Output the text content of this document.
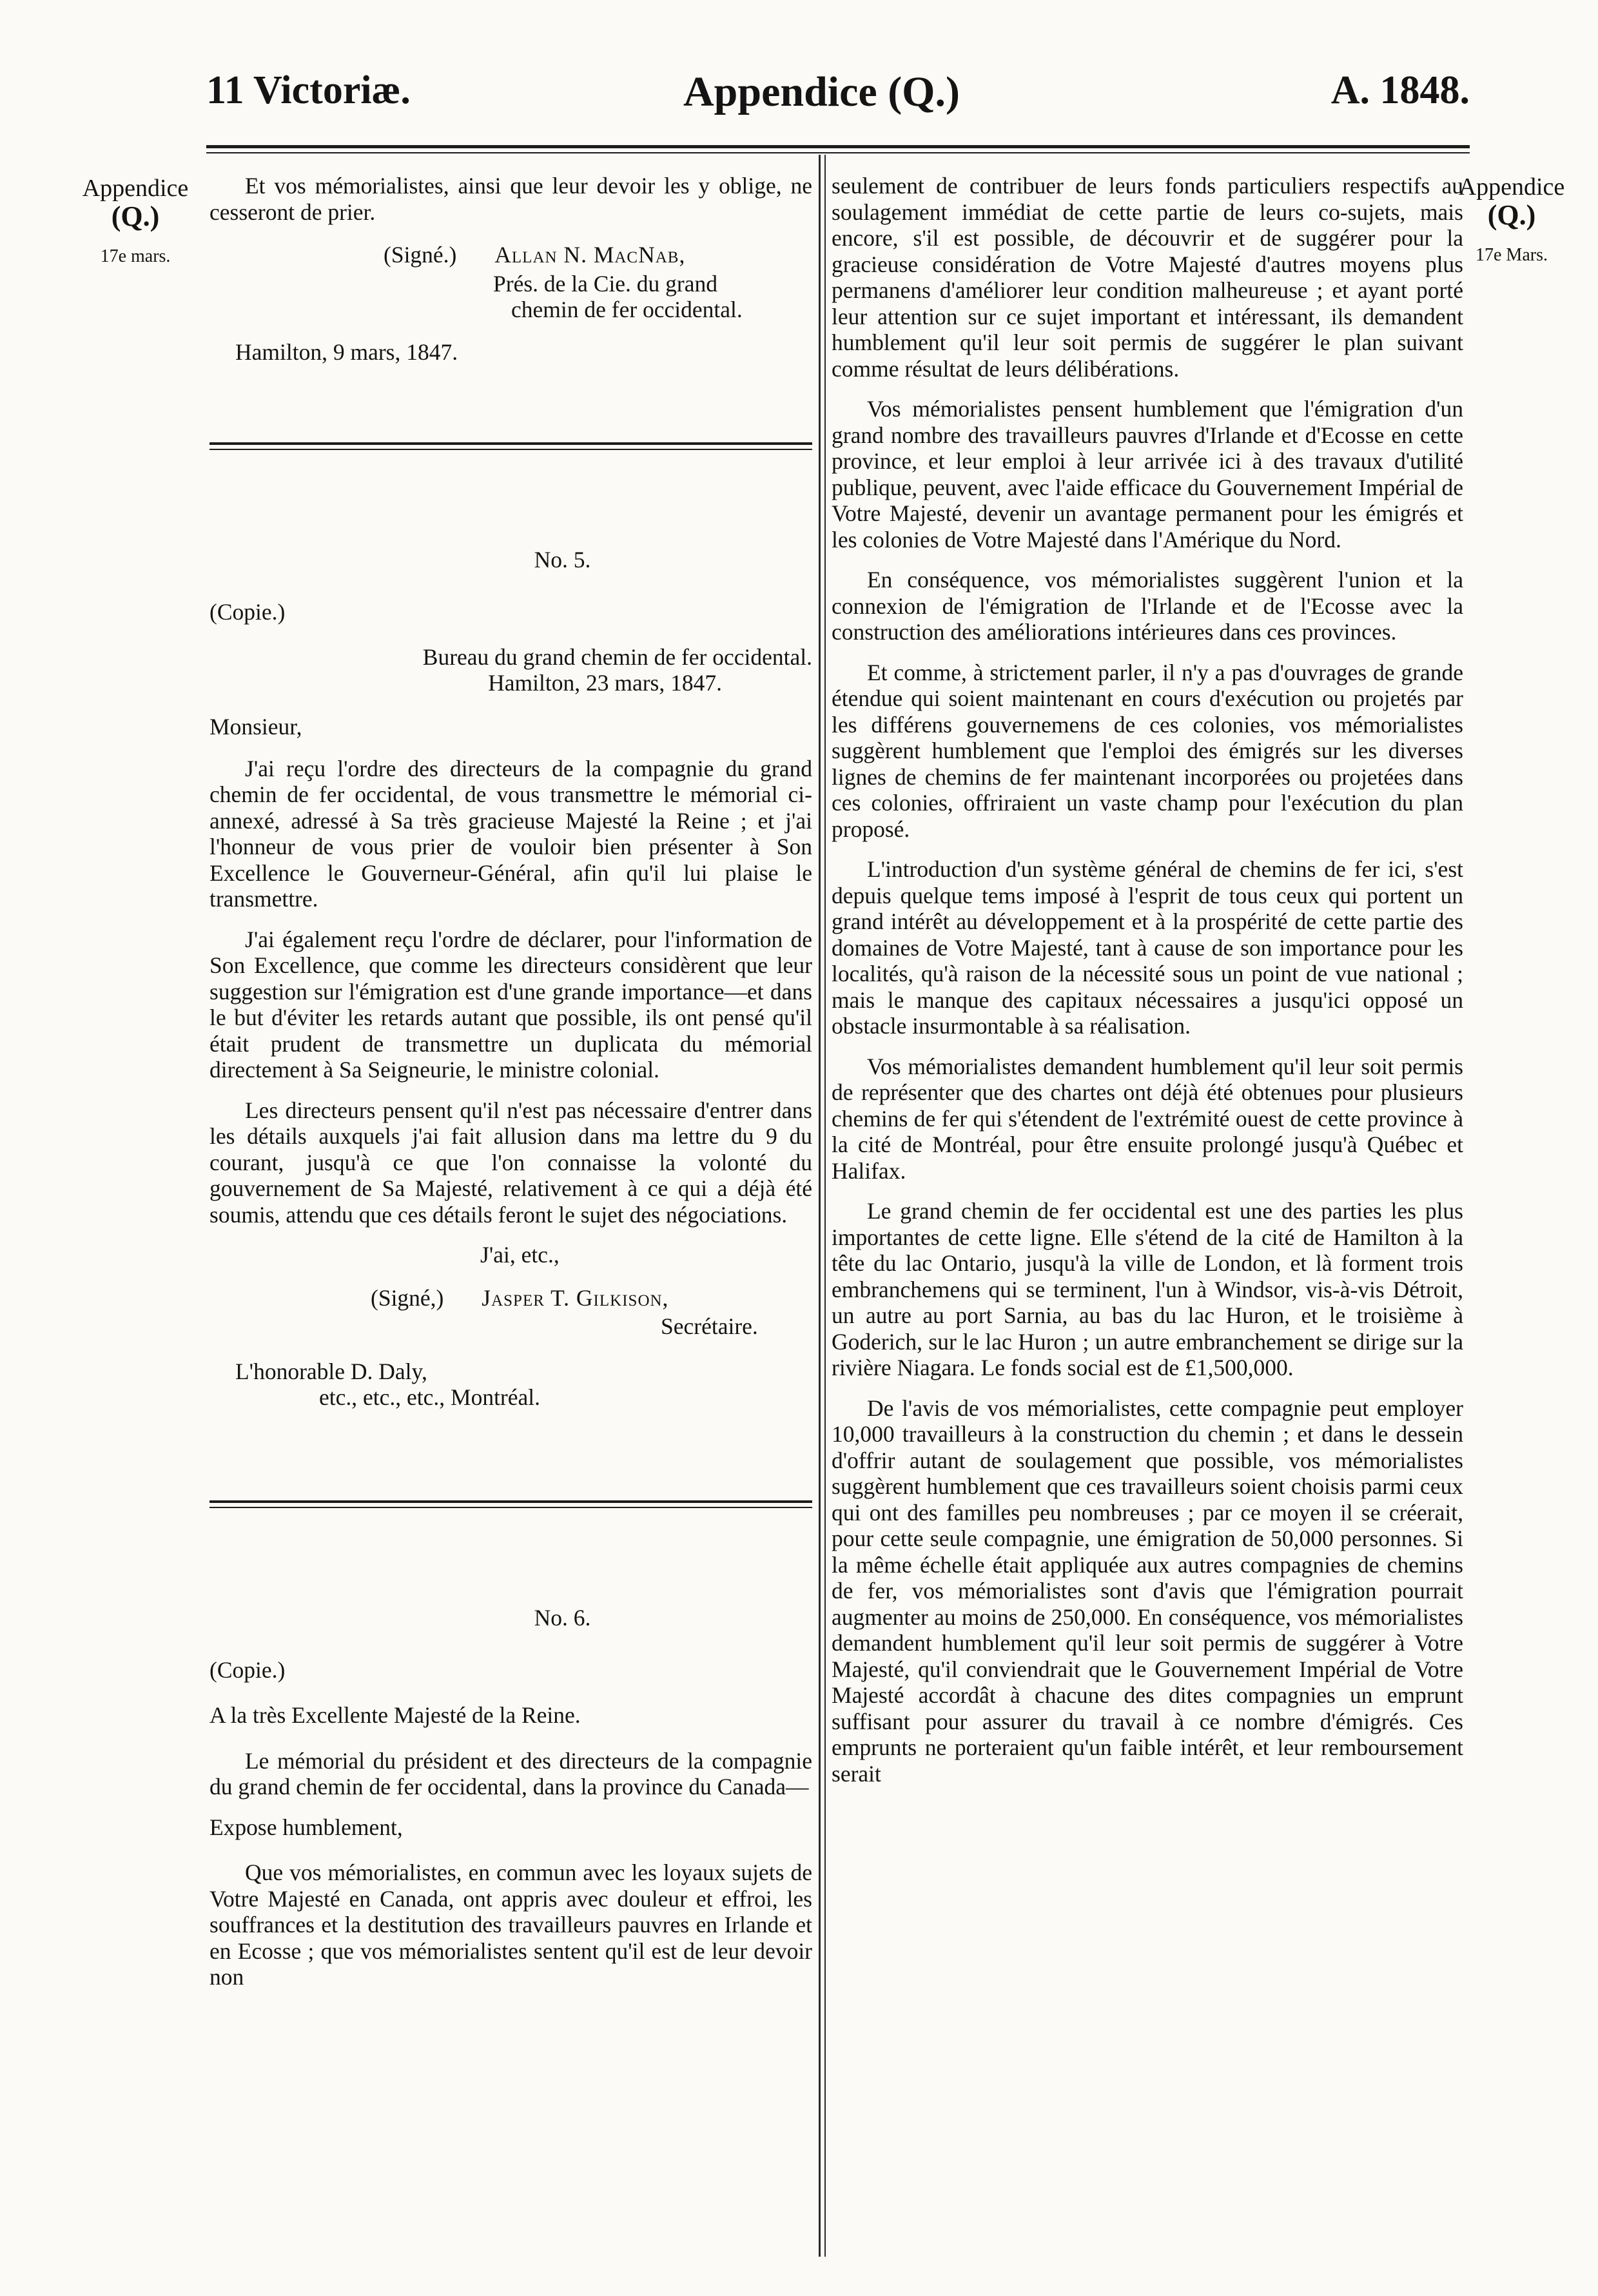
11 Victoriæ.	Appendice (Q.)	A. 1848.
Appendice
(Q.)
17e mars.
Appendice
(Q.)
17e Mars.

Et vos mémorialistes, ainsi que leur devoir les y oblige, ne cesseront de prier.

(Signé.) Allan N. MacNab,
Prés. de la Cie. du grand
chemin de fer occidental.
Hamilton, 9 mars, 1847.
No. 5.
(Copie.)
Bureau du grand chemin de fer occidental.
Hamilton, 23 mars, 1847.
Monsieur,

J'ai reçu l'ordre des directeurs de la compagnie du grand chemin de fer occidental, de vous transmettre le mémorial ci-annexé, adressé à Sa très gracieuse Majesté la Reine ; et j'ai l'honneur de vous prier de vouloir bien présenter à Son Excellence le Gouverneur-Général, afin qu'il lui plaise le transmettre.

J'ai également reçu l'ordre de déclarer, pour l'information de Son Excellence, que comme les directeurs considèrent que leur suggestion sur l'émigration est d'une grande importance—et dans le but d'éviter les retards autant que possible, ils ont pensé qu'il était prudent de transmettre un duplicata du mémorial directement à Sa Seigneurie, le ministre colonial.

Les directeurs pensent qu'il n'est pas nécessaire d'entrer dans les détails auxquels j'ai fait allusion dans ma lettre du 9 du courant, jusqu'à ce que l'on connaisse la volonté du gouvernement de Sa Majesté, relativement à ce qui a déjà été soumis, attendu que ces détails feront le sujet des négociations.

J'ai, etc.,
(Signé,) Jasper T. Gilkison,
Secrétaire.
L'honorable D. Daly,
etc., etc., etc., Montréal.
No. 6.
(Copie.)
A la très Excellente Majesté de la Reine.

Le mémorial du président et des directeurs de la compagnie du grand chemin de fer occidental, dans la province du Canada—

Expose humblement,

Que vos mémorialistes, en commun avec les loyaux sujets de Votre Majesté en Canada, ont appris avec douleur et effroi, les souffrances et la destitution des travailleurs pauvres en Irlande et en Ecosse ; que vos mémorialistes sentent qu'il est de leur devoir non

seulement de contribuer de leurs fonds particuliers respectifs au soulagement immédiat de cette partie de leurs co-sujets, mais encore, s'il est possible, de découvrir et de suggérer pour la gracieuse considération de Votre Majesté d'autres moyens plus permanens d'améliorer leur condition malheureuse ; et ayant porté leur attention sur ce sujet important et intéressant, ils demandent humblement qu'il leur soit permis de suggérer le plan suivant comme résultat de leurs délibérations.

Vos mémorialistes pensent humblement que l'émigration d'un grand nombre des travailleurs pauvres d'Irlande et d'Ecosse en cette province, et leur emploi à leur arrivée ici à des travaux d'utilité publique, peuvent, avec l'aide efficace du Gouvernement Impérial de Votre Majesté, devenir un avantage permanent pour les émigrés et les colonies de Votre Majesté dans l'Amérique du Nord.

En conséquence, vos mémorialistes suggèrent l'union et la connexion de l'émigration de l'Irlande et de l'Ecosse avec la construction des améliorations intérieures dans ces provinces.

Et comme, à strictement parler, il n'y a pas d'ouvrages de grande étendue qui soient maintenant en cours d'exécution ou projetés par les différens gouvernemens de ces colonies, vos mémorialistes suggèrent humblement que l'emploi des émigrés sur les diverses lignes de chemins de fer maintenant incorporées ou projetées dans ces colonies, offriraient un vaste champ pour l'exécution du plan proposé.

L'introduction d'un système général de chemins de fer ici, s'est depuis quelque tems imposé à l'esprit de tous ceux qui portent un grand intérêt au développement et à la prospérité de cette partie des domaines de Votre Majesté, tant à cause de son importance pour les localités, qu'à raison de la nécessité sous un point de vue national ; mais le manque des capitaux nécessaires a jusqu'ici opposé un obstacle insurmontable à sa réalisation.

Vos mémorialistes demandent humblement qu'il leur soit permis de représenter que des chartes ont déjà été obtenues pour plusieurs chemins de fer qui s'étendent de l'extrémité ouest de cette province à la cité de Montréal, pour être ensuite prolongé jusqu'à Québec et Halifax.

Le grand chemin de fer occidental est une des parties les plus importantes de cette ligne. Elle s'étend de la cité de Hamilton à la tête du lac Ontario, jusqu'à la ville de London, et là forment trois embranchemens qui se terminent, l'un à Windsor, vis-à-vis Détroit, un autre au port Sarnia, au bas du lac Huron, et le troisième à Goderich, sur le lac Huron ; un autre embranchement se dirige sur la rivière Niagara. Le fonds social est de £1,500,000.

De l'avis de vos mémorialistes, cette compagnie peut employer 10,000 travailleurs à la construction du chemin ; et dans le dessein d'offrir autant de soulagement que possible, vos mémorialistes suggèrent humblement que ces travailleurs soient choisis parmi ceux qui ont des familles peu nombreuses ; par ce moyen il se créerait, pour cette seule compagnie, une émigration de 50,000 personnes. Si la même échelle était appliquée aux autres compagnies de chemins de fer, vos mémorialistes sont d'avis que l'émigration pourrait augmenter au moins de 250,000. En conséquence, vos mémorialistes demandent humblement qu'il leur soit permis de suggérer à Votre Majesté, qu'il conviendrait que le Gouvernement Impérial de Votre Majesté accordât à chacune des dites compagnies un emprunt suffisant pour assurer du travail à ce nombre d'émigrés. Ces emprunts ne porteraient qu'un faible intérêt, et leur remboursement serait
